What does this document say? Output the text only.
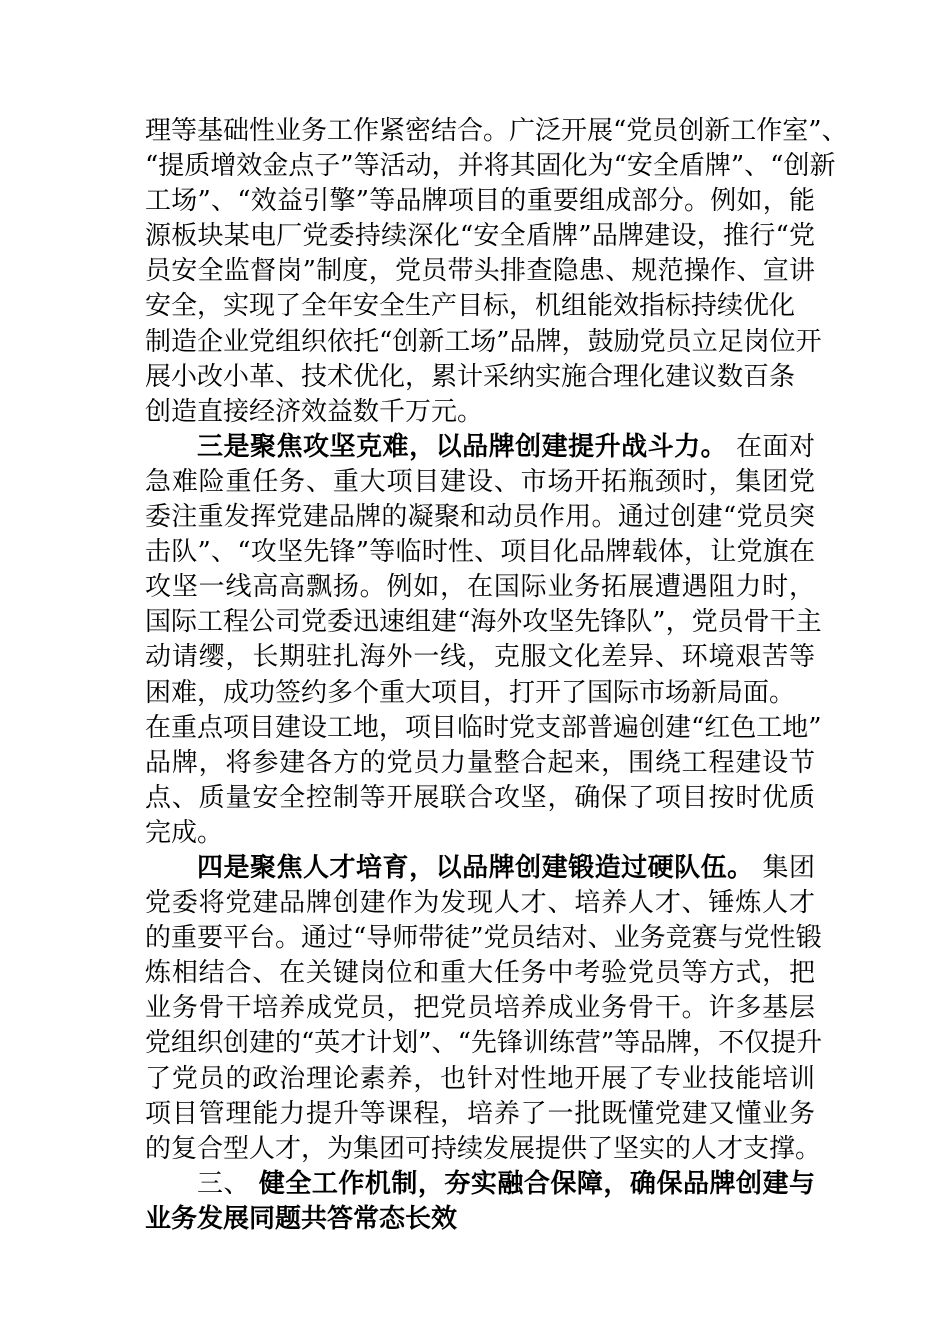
理等基础性业务工作紧密结合。广泛开展“党员创新工作室”、
“提质增效金点子”等活动，并将其固化为“安全盾牌”、“创新
工场”、“效益引擎”等品牌项目的重要组成部分。例如，能
源板块某电厂党委持续深化“安全盾牌”品牌建设，推行“党
员安全监督岗”制度，党员带头排查隐患、规范操作、宣讲
安全，实现了全年安全生产目标，机组能效指标持续优化
制造企业党组织依托“创新工场”品牌，鼓励党员立足岗位开
展小改小革、技术优化，累计采纳实施合理化建议数百条
创造直接经济效益数千万元。
三是聚焦攻坚克难，以品牌创建提升战斗力。 在面对
急难险重任务、重大项目建设、市场开拓瓶颈时，集团党
委注重发挥党建品牌的凝聚和动员作用。通过创建“党员突
击队”、“攻坚先锋”等临时性、项目化品牌载体，让党旗在
攻坚一线高高飘扬。例如，在国际业务拓展遭遇阻力时，
国际工程公司党委迅速组建“海外攻坚先锋队”，党员骨干主
动请缨，长期驻扎海外一线，克服文化差异、环境艰苦等
困难，成功签约多个重大项目，打开了国际市场新局面。
在重点项目建设工地，项目临时党支部普遍创建“红色工地”
品牌，将参建各方的党员力量整合起来，围绕工程建设节
点、质量安全控制等开展联合攻坚，确保了项目按时优质
完成。
四是聚焦人才培育，以品牌创建锻造过硬队伍。 集团
党委将党建品牌创建作为发现人才、培养人才、锤炼人才
的重要平台。通过“导师带徒”党员结对、业务竞赛与党性锻
炼相结合、在关键岗位和重大任务中考验党员等方式，把
业务骨干培养成党员，把党员培养成业务骨干。许多基层
党组织创建的“英才计划”、“先锋训练营”等品牌，不仅提升
了党员的政治理论素养，也针对性地开展了专业技能培训
项目管理能力提升等课程，培养了一批既懂党建又懂业务
的复合型人才，为集团可持续发展提供了坚实的人才支撑。
三、 健全工作机制，夯实融合保障，确保品牌创建与
业务发展同题共答常态长效
